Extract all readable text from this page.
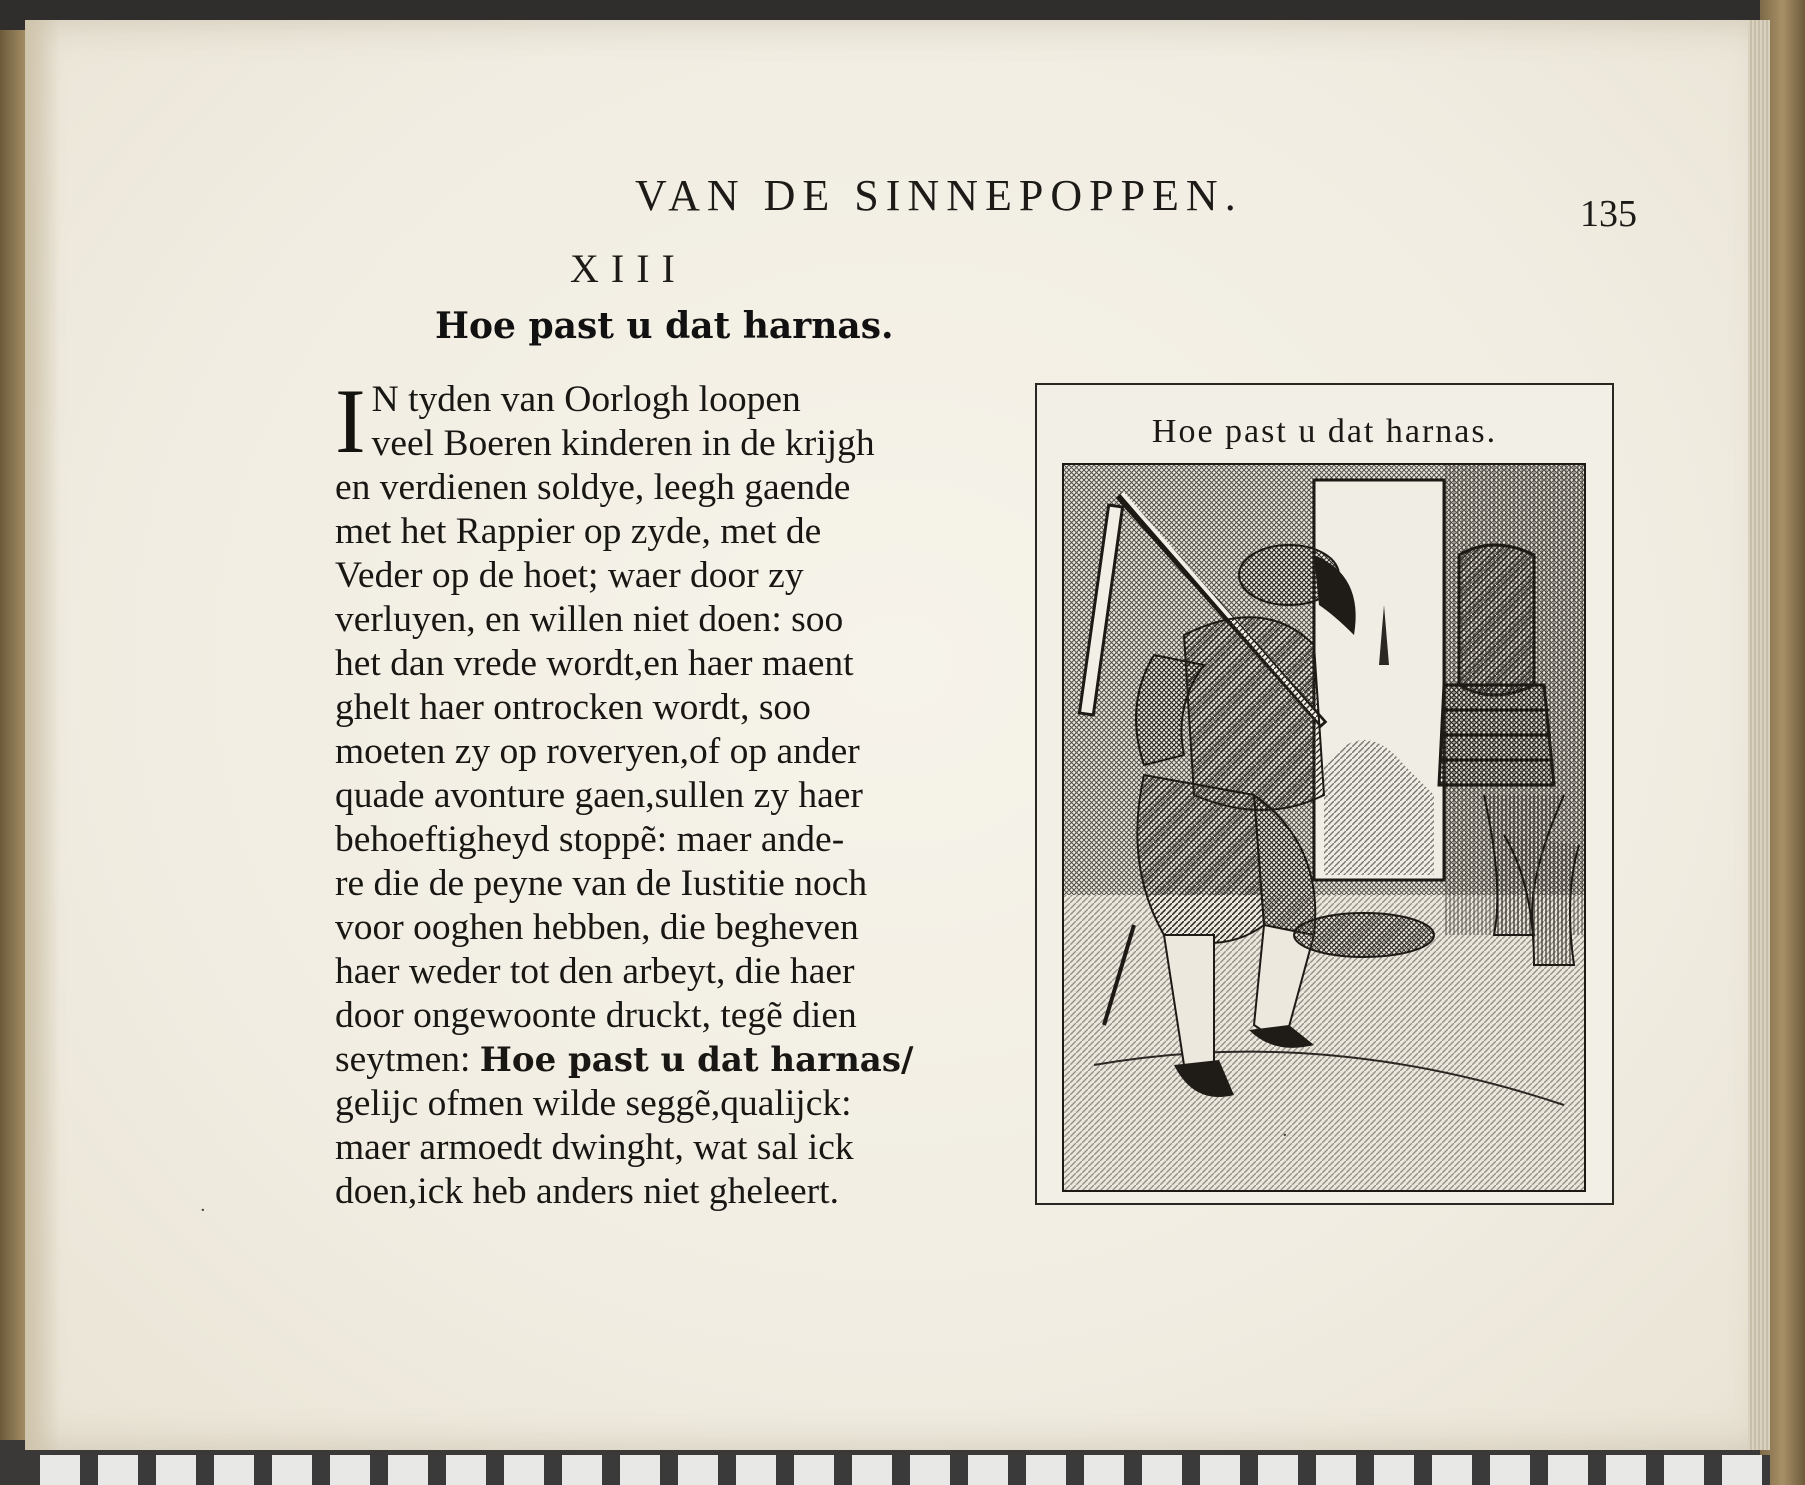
VAN DE SINNEPOPPEN.	135
XIII
Hoe past u dat harnas.
I N tyden van Oorlogh loopen
veel Boeren kinderen in de krijgh
en verdienen soldye, leegh gaende
met het Rappier op zyde, met de
Veder op de hoet; waer door zy
verluyen, en willen niet doen: soo
het dan vrede wordt,en haer maent
ghelt haer ontrocken wordt, soo
moeten zy op roveryen,of op ander
quade avonture gaen,sullen zy haer
behoeftigheyd stoppẽ: maer ande-
re die de peyne van de Iustitie noch
voor ooghen hebben, die begheven
haer weder tot den arbeyt, die haer
door ongewoonte druckt, tegẽ dien
seytmen: Hoe past u dat harnas/
gelijc ofmen wilde seggẽ,qualijck:
maer armoedt dwinght, wat sal ick
doen,ick heb anders niet gheleert.
Hoe past u dat harnas.
·
·
